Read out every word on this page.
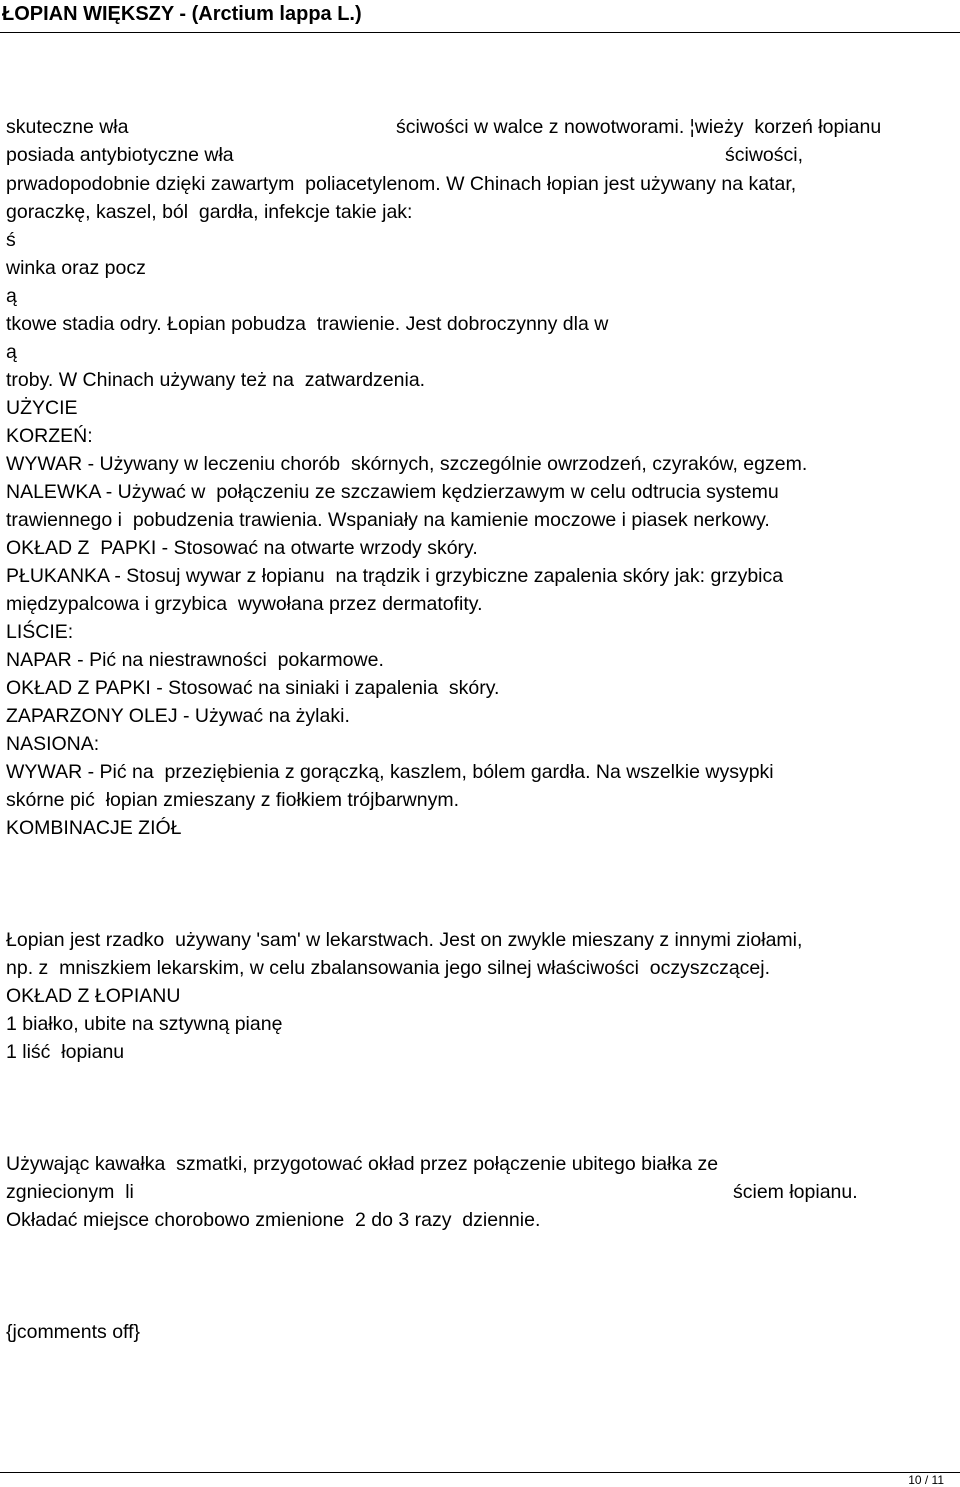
ŁOPIAN WIĘKSZY - (Arctium lappa L.)
skuteczne wła	ściwości w walce z nowotworami. ¦wieży  korzeń łopianu
posiada antybiotyczne wła	ściwości,
prwadopodobnie dzięki zawartym  poliacetylenom. W Chinach łopian jest używany na katar,
goraczkę, kaszel, ból  gardła, infekcje takie jak:
ś
winka oraz pocz
ą
tkowe stadia odry. Łopian pobudza  trawienie. Jest dobroczynny dla w
ą
troby. W Chinach używany też na  zatwardzenia.
UŻYCIE
KORZEŃ:
WYWAR - Używany w leczeniu chorób  skórnych, szczególnie owrzodzeń, czyraków, egzem.
NALEWKA - Używać w  połączeniu ze szczawiem kędzierzawym w celu odtrucia systemu
trawiennego i  pobudzenia trawienia. Wspaniały na kamienie moczowe i piasek nerkowy.
OKŁAD Z  PAPKI - Stosować na otwarte wrzody skóry.
PŁUKANKA - Stosuj wywar z łopianu  na trądzik i grzybiczne zapalenia skóry jak: grzybica
międzypalcowa i grzybica  wywołana przez dermatofity.
LIŚCIE:
NAPAR - Pić na niestrawności  pokarmowe.
OKŁAD Z PAPKI - Stosować na siniaki i zapalenia  skóry.
ZAPARZONY OLEJ - Używać na żylaki.
NASIONA:
WYWAR - Pić na  przeziębienia z gorączką, kaszlem, bólem gardła. Na wszelkie wysypki
skórne pić  łopian zmieszany z fiołkiem trójbarwnym.
KOMBINACJE ZIÓŁ
Łopian jest rzadko  używany 'sam' w lekarstwach. Jest on zwykle mieszany z innymi ziołami,
np. z  mniszkiem lekarskim, w celu zbalansowania jego silnej właściwości  oczyszczącej.
OKŁAD Z ŁOPIANU
1 białko, ubite na sztywną pianę
1 liść  łopianu
Używając kawałka  szmatki, przygotować okład przez połączenie ubitego białka ze
zgniecionym  li	ściem łopianu.
Okładać miejsce chorobowo zmienione  2 do 3 razy  dziennie.
{jcomments off}
10 / 11
